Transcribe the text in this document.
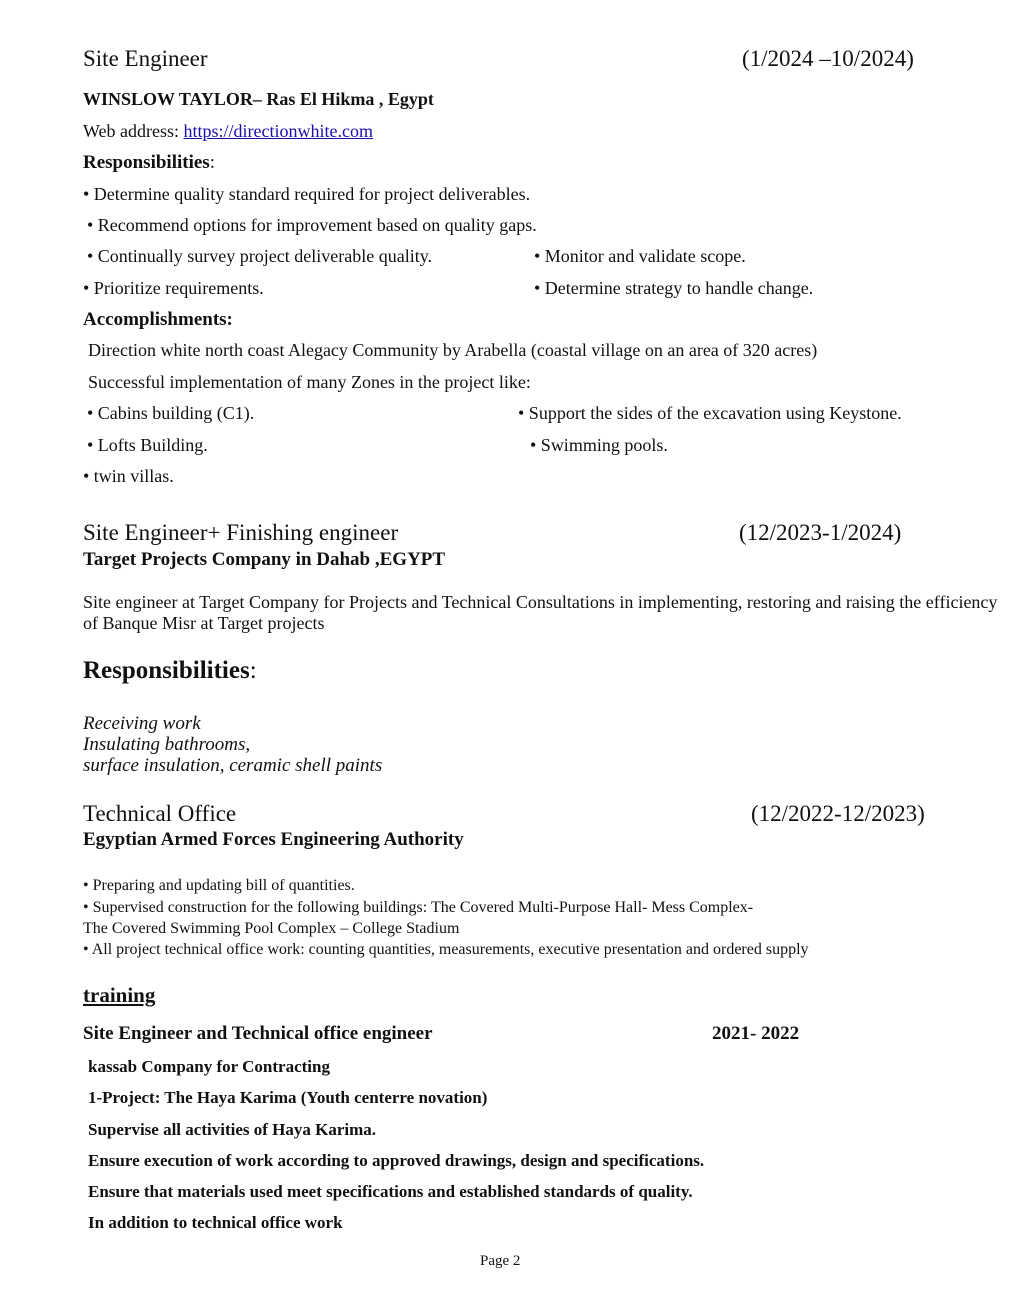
Site Engineer	(1/2024 –10/2024)
WINSLOW TAYLOR– Ras El Hikma , Egypt
Web address: https://directionwhite.com
Responsibilities:
• Determine quality standard required for project deliverables.
• Recommend options for improvement based on quality gaps.
• Continually survey project deliverable quality.	• Monitor and validate scope.
• Prioritize requirements.	• Determine strategy to handle change.
Accomplishments:
Direction white north coast Alegacy Community by Arabella (coastal village on an area of 320 acres)
Successful implementation of many Zones in the project like:
• Cabins building (C1).	• Support the sides of the excavation using Keystone.
• Lofts Building.	• Swimming pools.
• twin villas.
Site Engineer+ Finishing engineer	(12/2023-1/2024)
Target Projects Company in Dahab ,EGYPT
Site engineer at Target Company for Projects and Technical Consultations in implementing, restoring and raising the efficiency of Banque Misr at Target projects
Responsibilities:
Receiving work
Insulating bathrooms,
surface insulation, ceramic shell paints
Technical Office	(12/2022-12/2023)
Egyptian Armed Forces Engineering Authority
• Preparing and updating bill of quantities.
• Supervised construction for the following buildings: The Covered Multi-Purpose Hall- Mess Complex-
The Covered Swimming Pool Complex – College Stadium
• All project technical office work: counting quantities, measurements, executive presentation and ordered supply
training
Site Engineer and Technical office engineer	2021- 2022
kassab Company for Contracting
1-Project: The Haya Karima (Youth centerre novation)
Supervise all activities of Haya Karima.
Ensure execution of work according to approved drawings, design and specifications.
Ensure that materials used meet specifications and established standards of quality.
In addition to technical office work
Page 2
